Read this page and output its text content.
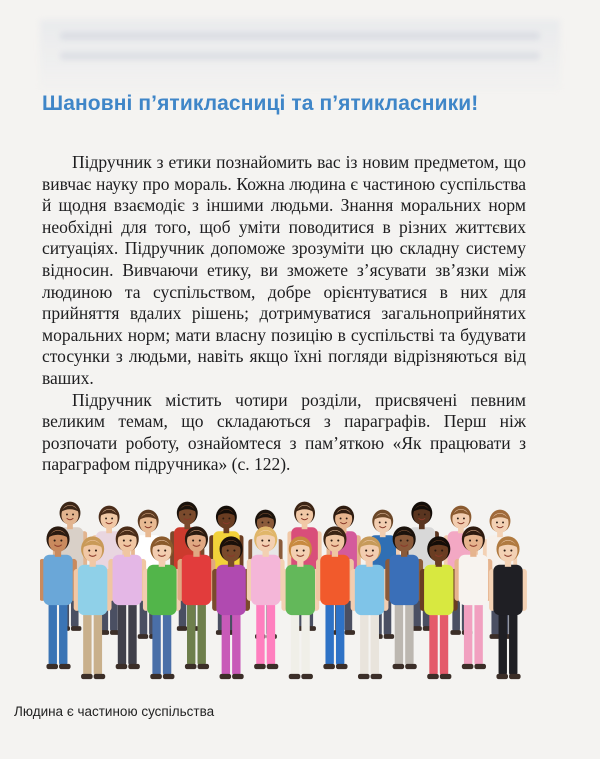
Шановні п’ятикласниці та п’ятикласники!

Підручник з етики познайомить вас із новим предметом, що вивчає науку про мораль. Кожна людина є частиною суспільства й щодня взаємодіє з іншими людьми. Знання моральних норм необхідні для того, щоб уміти поводитися в різних життєвих ситуаціях. Підручник допоможе зрозуміти цю складну систему відносин. Вивчаючи етику, ви зможете з’ясувати зв’язки між людиною та суспільством, добре орієнтуватися в них для прийняття вдалих рішень; дотримуватися загальноприйнятих моральних норм; мати власну позицію в суспільстві та будувати стосунки з людьми, навіть якщо їхні погляди відрізняються від ваших.

Підручник містить чотири розділи, присвячені певним великим темам, що складаються з параграфів. Перш ніж розпочати роботу, ознайомтеся з пам’яткою «Як працювати з параграфом підручника» (с. 122).

Людина є частиною суспільства
